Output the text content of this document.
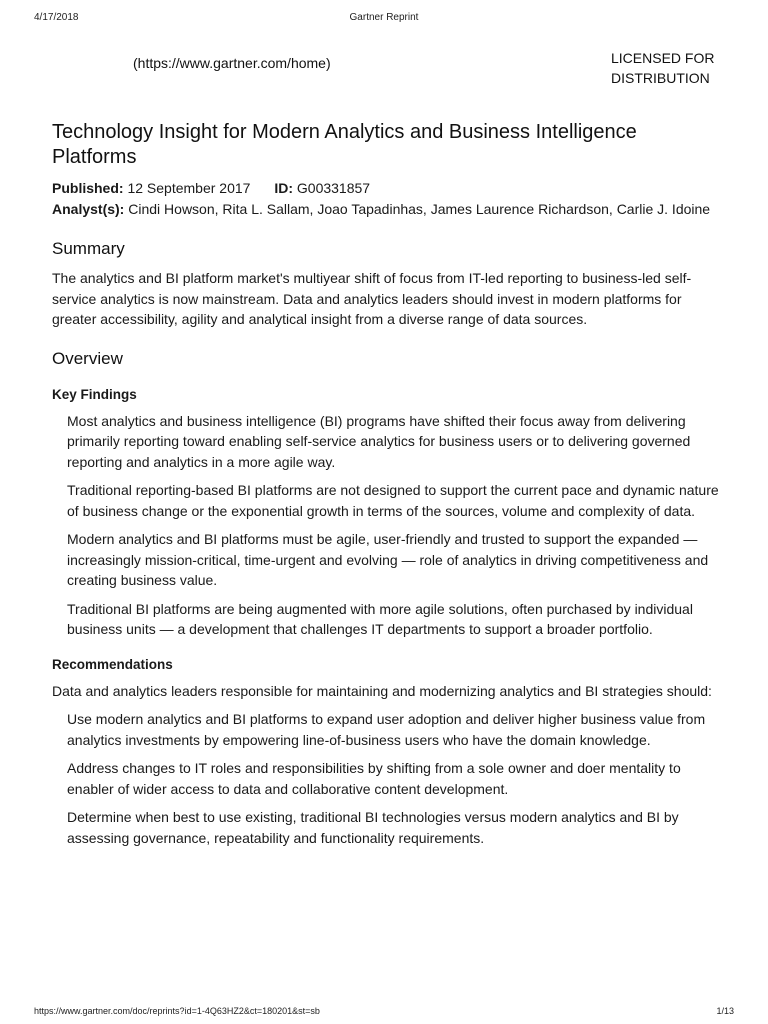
4/17/2018	Gartner Reprint
(https://www.gartner.com/home)	LICENSED FOR
DISTRIBUTION
Technology Insight for Modern Analytics and Business Intelligence Platforms
Published: 12 September 2017 ID: G00331857
Analyst(s): Cindi Howson, Rita L. Sallam, Joao Tapadinhas, James Laurence Richardson, Carlie J. Idoine
Summary

The analytics and BI platform market's multiyear shift of focus from IT-led reporting to business-led self-service analytics is now mainstream. Data and analytics leaders should invest in modern platforms for greater accessibility, agility and analytical insight from a diverse range of data sources.

Overview
Key Findings
Most analytics and business intelligence (BI) programs have shifted their focus away from delivering primarily reporting toward enabling self-service analytics for business users or to delivering governed reporting and analytics in a more agile way.
Traditional reporting-based BI platforms are not designed to support the current pace and dynamic nature of business change or the exponential growth in terms of the sources, volume and complexity of data.
Modern analytics and BI platforms must be agile, user-friendly and trusted to support the expanded — increasingly mission-critical, time-urgent and evolving — role of analytics in driving competitiveness and creating business value.
Traditional BI platforms are being augmented with more agile solutions, often purchased by individual business units — a development that challenges IT departments to support a broader portfolio.
Recommendations

Data and analytics leaders responsible for maintaining and modernizing analytics and BI strategies should:

Use modern analytics and BI platforms to expand user adoption and deliver higher business value from analytics investments by empowering line-of-business users who have the domain knowledge.
Address changes to IT roles and responsibilities by shifting from a sole owner and doer mentality to enabler of wider access to data and collaborative content development.
Determine when best to use existing, traditional BI technologies versus modern analytics and BI by assessing governance, repeatability and functionality requirements.
https://www.gartner.com/doc/reprints?id=1-4Q63HZ2&ct=180201&st=sb	1/13
